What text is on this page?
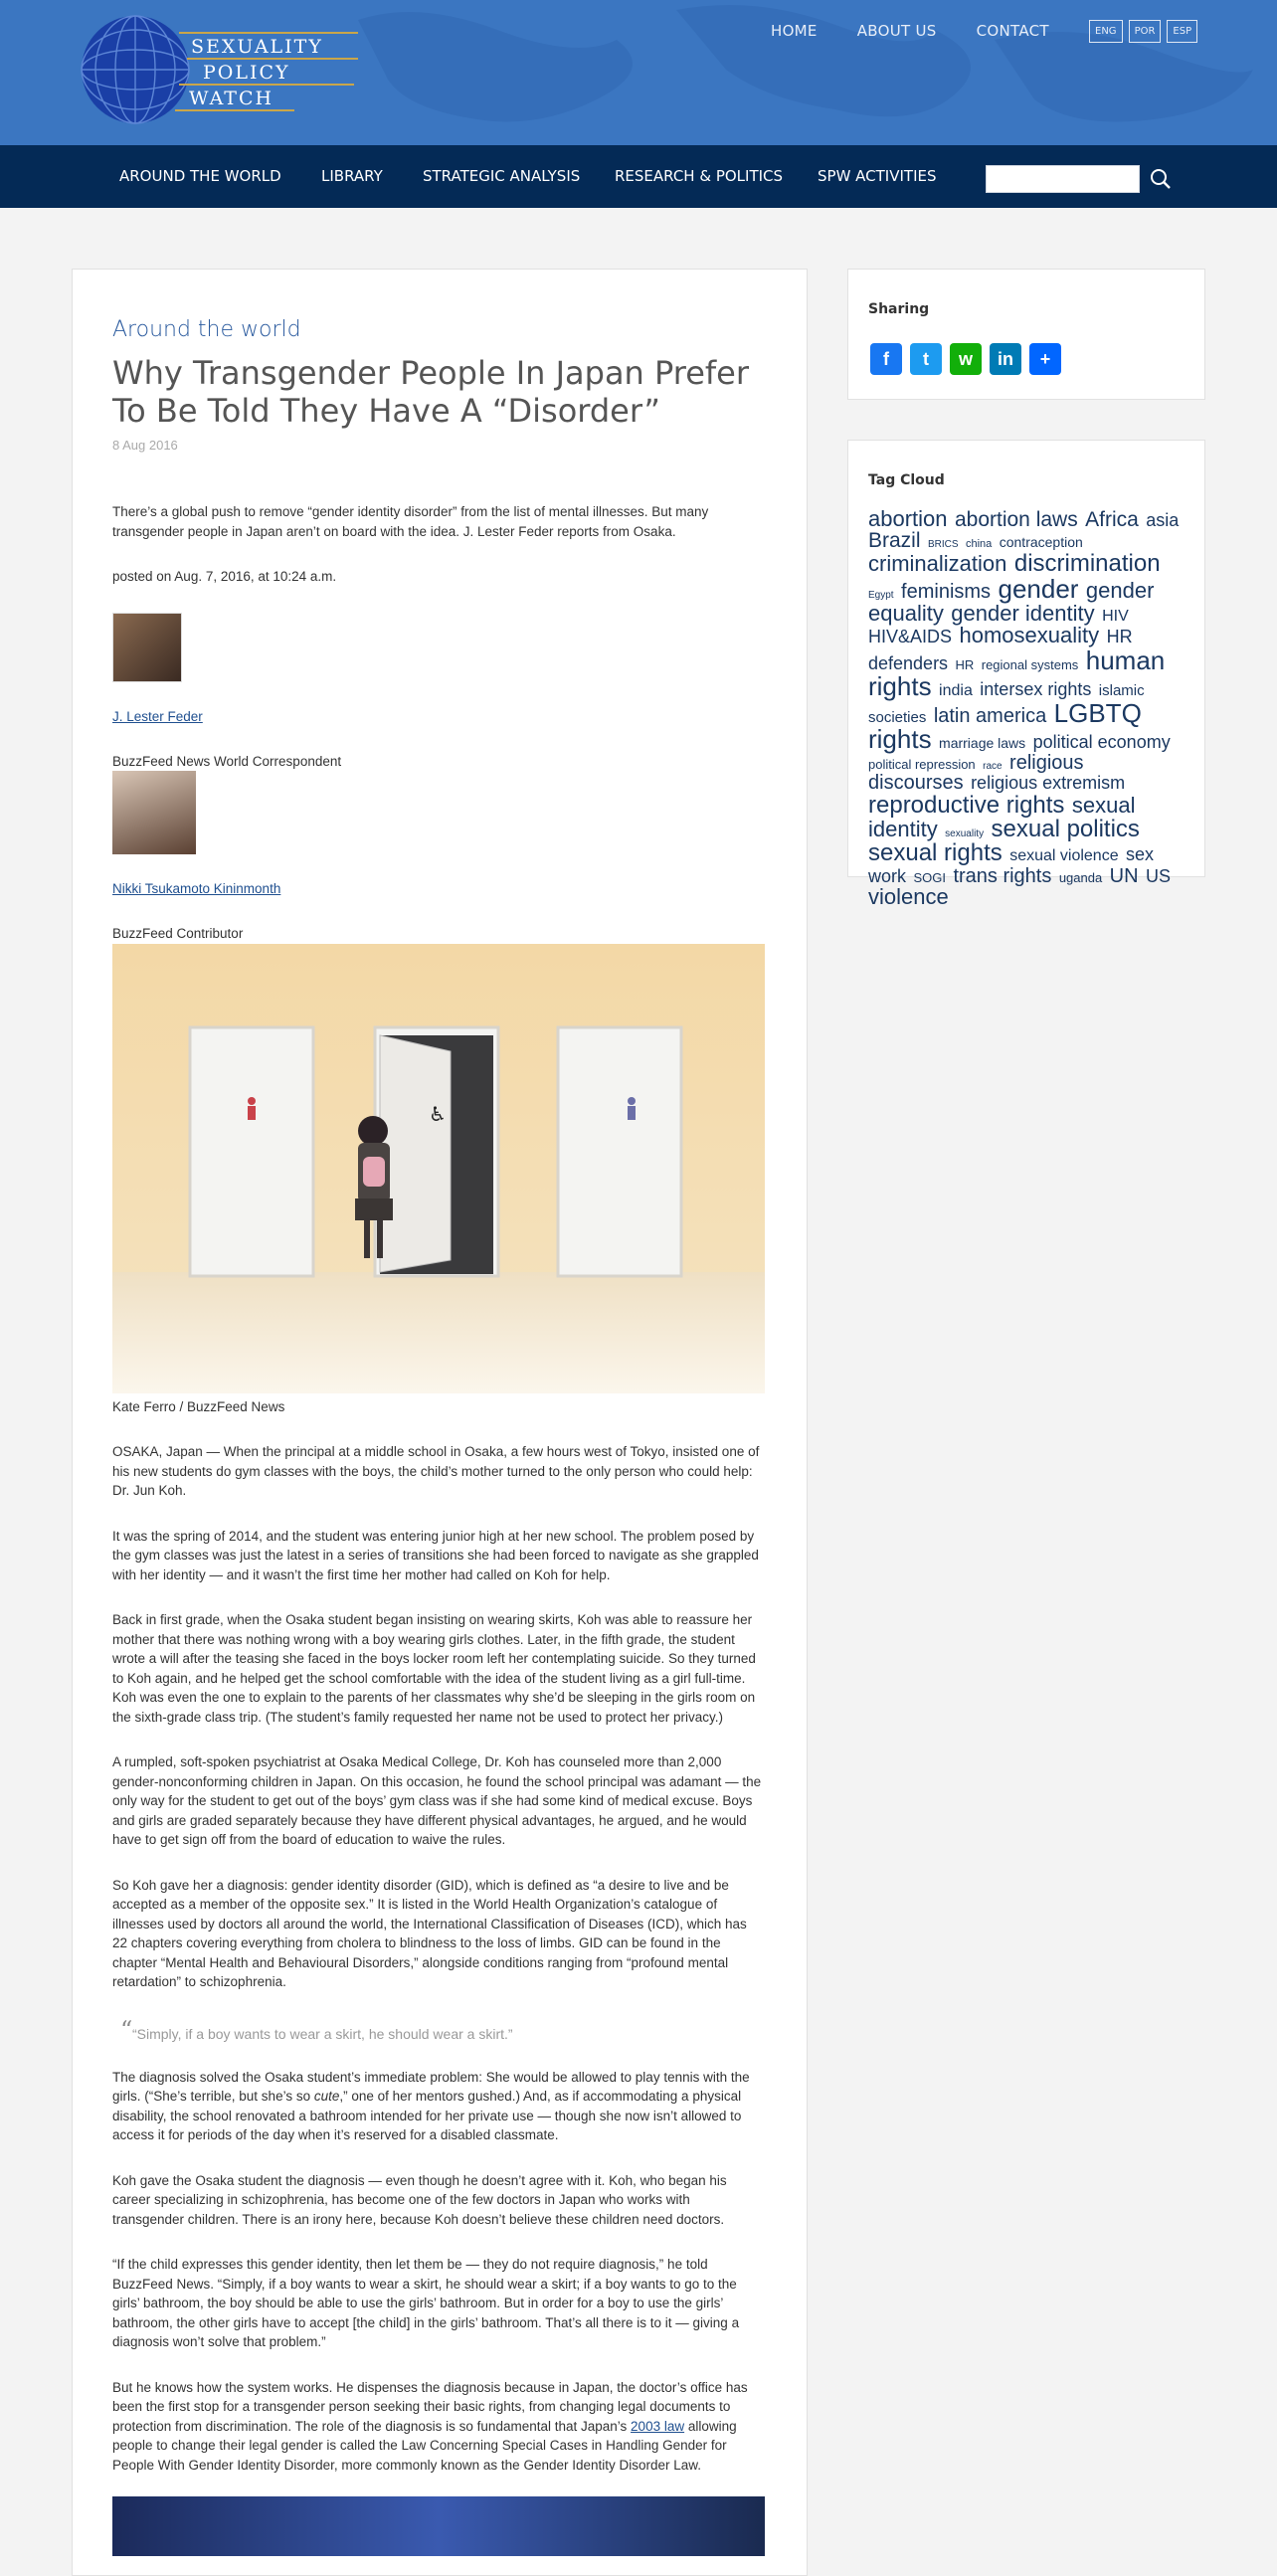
SEXUALITY
POLICY
WATCH
HOME	ABOUT US	CONTACT	ENG	POR	ESP
AROUND THE WORLD	LIBRARY	STRATEGIC ANALYSIS RESEARCH & POLITICS SPW ACTIVITIES
Around the world
Why Transgender People In Japan Prefer To Be Told They Have A “Disorder”
8 Aug 2016

There’s a global push to remove “gender identity disorder” from the list of mental illnesses. But many transgender people in Japan aren’t on board with the idea. J. Lester Feder reports from Osaka.

posted on Aug. 7, 2016, at 10:24 a.m.

J. Lester Feder

BuzzFeed News World Correspondent

Nikki Tsukamoto Kininmonth

BuzzFeed Contributor

♿

Kate Ferro / BuzzFeed News

OSAKA, Japan — When the principal at a middle school in Osaka, a few hours west of Tokyo, insisted one of his new students do gym classes with the boys, the child’s mother turned to the only person who could help: Dr. Jun Koh.

It was the spring of 2014, and the student was entering junior high at her new school. The problem posed by the gym classes was just the latest in a series of transitions she had been forced to navigate as she grappled with her identity — and it wasn’t the first time her mother had called on Koh for help.

Back in first grade, when the Osaka student began insisting on wearing skirts, Koh was able to reassure her mother that there was nothing wrong with a boy wearing girls clothes. Later, in the fifth grade, the student wrote a will after the teasing she faced in the boys locker room left her contemplating suicide. So they turned to Koh again, and he helped get the school comfortable with the idea of the student living as a girl full-time. Koh was even the one to explain to the parents of her classmates why she’d be sleeping in the girls room on the sixth-grade class trip. (The student’s family requested her name not be used to protect her privacy.)

A rumpled, soft-spoken psychiatrist at Osaka Medical College, Dr. Koh has counseled more than 2,000 gender-nonconforming children in Japan. On this occasion, he found the school principal was adamant — the only way for the student to get out of the boys’ gym class was if she had some kind of medical excuse. Boys and girls are graded separately because they have different physical advantages, he argued, and he would have to get sign off from the board of education to waive the rules.

So Koh gave her a diagnosis: gender identity disorder (GID), which is defined as “a desire to live and be accepted as a member of the opposite sex.” It is listed in the World Health Organization’s catalogue of illnesses used by doctors all around the world, the International Classification of Diseases (ICD), which has 22 chapters covering everything from cholera to blindness to the loss of limbs. GID can be found in the chapter “Mental Health and Behavioural Disorders,” alongside conditions ranging from “profound mental retardation” to schizophrenia.

“ “Simply, if a boy wants to wear a skirt, he should wear a skirt.”

The diagnosis solved the Osaka student’s immediate problem: She would be allowed to play tennis with the girls. (“She’s terrible, but she’s so cute,” one of her mentors gushed.) And, as if accommodating a physical disability, the school renovated a bathroom intended for her private use — though she now isn’t allowed to access it for periods of the day when it’s reserved for a disabled classmate.

Koh gave the Osaka student the diagnosis — even though he doesn’t agree with it. Koh, who began his career specializing in schizophrenia, has become one of the few doctors in Japan who works with transgender children. There is an irony here, because Koh doesn’t believe these children need doctors.

“If the child expresses this gender identity, then let them be — they do not require diagnosis,” he told BuzzFeed News. “Simply, if a boy wants to wear a skirt, he should wear a skirt; if a boy wants to go to the girls’ bathroom, the boy should be able to use the girls’ bathroom. But in order for a boy to use the girls’ bathroom, the other girls have to accept [the child] in the girls’ bathroom. That’s all there is to it — giving a diagnosis won’t solve that problem.”

But he knows how the system works. He dispenses the diagnosis because in Japan, the doctor’s office has been the first stop for a transgender person seeking their basic rights, from changing legal documents to protection from discrimination. The role of the diagnosis is so fundamental that Japan’s 2003 law allowing people to change their legal gender is called the Law Concerning Special Cases in Handling Gender for People With Gender Identity Disorder, more commonly known as the Gender Identity Disorder Law.

Sharing
f t w in +
Tag Cloud
abortion abortion laws Africa asia Brazil BRICS china contraception criminalization discrimination Egypt feminisms gender gender equality gender identity HIV HIV&AIDS homosexuality HR defenders HR regional systems human rights india intersex rights islamic societies latin america LGBTQ rights marriage laws political economy political repression race religious discourses religious extremism reproductive rights sexual identity sexuality sexual politics sexual rights sexual violence sex work SOGI trans rights uganda UN US violence
